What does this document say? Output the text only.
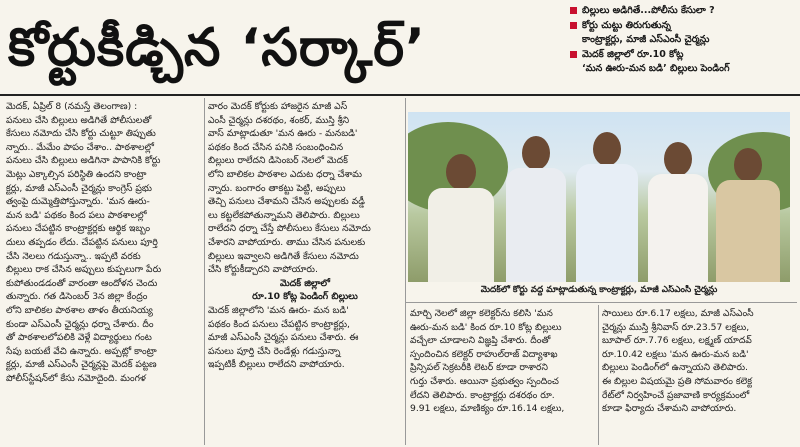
కోర్టుకీడ్చిన ‘సర్కార్’
బిల్లులు అడిగితే...పోలీసు కేసులా ?
కోర్టు చుట్టు తిరుగుతున్న
కాంట్రాక్టర్లు, మాజీ ఎస్ఎంసీ చైర్మన్లు
మెదక్ జిల్లాలో రూ.10 కోట్ల
‘మన ఊరు-మన బడి’ బిల్లులు పెండింగ్
మెదక్, ఏప్రిల్ 8 (నమస్తే తెలంగాణ) :
పనులు చేసి బిల్లులు అడిగితే పోలీసులతో
కేసులు నమోదు చేసి కోర్టు చుట్టూ తిప్పుతు
న్నారు.. మేమేం పాపం చేశాం.. పాఠశాలల్లో
పనులు చేసి బిల్లులు అడిగినా పాపానికి కోర్టు
మెట్లు ఎక్కాల్సిన పరిస్థితి ఉందని కాంట్రా
క్టర్లు, మాజీ ఎస్ఎంసీ చైర్మన్లు కాంగ్రెస్ ప్రభు
త్వంపై దుమ్మెత్తిపోస్తున్నారు. 'మన ఊరు-
మన బడి' పథకం కింద పలు పాఠశాలల్లో
పనులు చేపట్టిన కాంట్రాక్టర్లకు ఆర్థిక ఇబ్బం
దులు తప్పడం లేదు. చేపట్టిన పనులు పూర్తి
చేసి నెలలు గడుస్తున్నా.. ఇప్పటి వరకు
బిల్లులు రాక చేసిన అప్పులు కుప్పలుగా పేరు
కుపోతుండడంతో వారంతా ఆందోళన చెందు
తున్నారు. గత డిసెంబర్ 3న జిల్లా కేంద్రం
లోని బాలికల పాఠశాల తాళం తీయనియ్య
కుండా ఎస్ఎంసీ ఛైర్మన్లు ధర్నా చేశారు. దీం
తో పాఠశాలలోపలికి వెళ్లే విద్యార్థులు గంట
సేపు బయటే వేచి ఉన్నారు. అప్పట్లో కాంట్రా
క్టర్లు, మాజీ ఎస్ఎంసీ చైర్మన్లపై మెదక్ పట్టణ
పోలీస్‌స్టేషన్‌లో కేసు నమోదైంది. మంగళ
వారం మెదక్ కోర్టుకు హాజరైన మాజీ ఎస్
ఎంసీ చైర్మన్లు దశరథం, శంకర్, ముస్తి శ్రీని
వాస్ మాట్లాడుతూ 'మన ఊరు - మనబడి'
పథకం కింద చేసిన పనికి సంబంధించిన
బిల్లులు రాలేదని డిసెంబర్ నెలలో మెదక్
లోని బాలికల పాఠశాల ఎదుట ధర్నా చేశామ
న్నారు. బంగారం తాకట్టు పెట్టి, అప్పులు
తెచ్చి పనులు చేశామని చేసిన అప్పులకు వడ్డీ
లు కట్టలేకపోతున్నామని తెలిపారు. బిల్లులు
రాలేదని ధర్నా చేస్తే పోలీసులు కేసులు నమోదు
చేశారని వాపోయారు. తాము చేసిన పనులకు
బిల్లులు ఇవ్వాలని అడిగితే కేసులు నమోదు
చేసి కోర్టుకీడ్చారని వాపోయారు.
మెదక్ జిల్లాలో
రూ.10 కోట్ల పెండింగ్ బిల్లులు
మెదక్ జిల్లాలోని 'మన ఊరు- మన బడి'
పథకం కింద పనులు చేపట్టిన కాంట్రాక్టర్లు,
మాజీ ఎస్ఎంసీ చైర్మన్లు పనులు చేశారు. ఈ
పనులు పూర్తి చేసి రెండేళ్లు గడుస్తున్నా
ఇప్పటికీ బిల్లులు రాలేదని వాపోయారు.
మెదక్‌లో కోర్టు వద్ద మాట్లాడుతున్న కాంట్రాక్టర్లు, మాజీ ఎస్ఎంసీ చైర్మన్లు
మార్చి నెలలో జిల్లా కలెక్టర్‌ను కలిసి 'మన
ఊరు-మన బడి' కింద రూ.10 కోట్ల బిల్లులు
వచ్చేలా చూడాలని విజ్ఞప్తి చేశారు. దీంతో
స్పందించిన కలెక్టర్ రాహుల్‌రాజ్ విద్యాశాఖ
ప్రిన్సిపల్ సెక్రటరీకి లెటర్ కూడా రాశారని
గుర్తు చేశారు. ఆయినా ప్రభుత్వం స్పందించ
లేదని తెలిపారు. కాంట్రాక్టర్లు దశరథం రూ.
9.91 లక్షలు, మాణిక్యం రూ.16.14 లక్షలు,
సాయిలు రూ.6.17 లక్షలు, మాజీ ఎస్ఎంసీ
చైర్మన్లు ముస్తి శ్రీనివాస్ రూ.23.57 లక్షలు,
బూపాల్ రూ.7.76 లక్షలు, లక్ష్మణ్ యాదవ్
రూ.10.42 లక్షలు 'మన ఊరు-మన బడి'
బిల్లులు పెండింగ్‌లో ఉన్నాయని తెలిపారు.
ఈ బిల్లుల విషయమై ప్రతి సోమవారం కలెక్ట
రేట్‌లో నిర్వహించే ప్రజావాణి కార్యక్రమంలో
కూడా ఫిర్యాదు చేశామని వాపోయారు.
